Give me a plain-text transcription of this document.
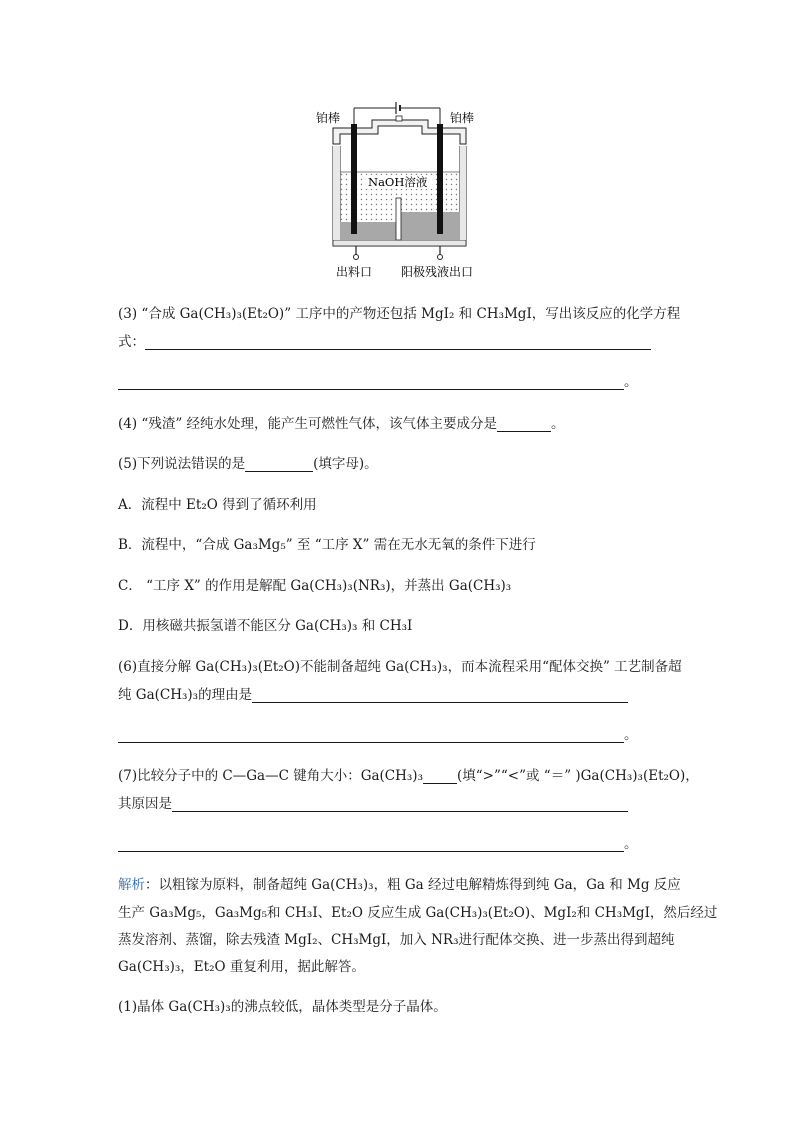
铂棒	铂棒
NaOH溶液
出料口 阳极残液出口
(3) “合成 Ga(CH₃)₃(Et₂O)” 工序中的产物还包括 MgI₂ 和 CH₃MgI，写出该反应的化学方程
式：
。
(4) “残渣” 经纯水处理，能产生可燃性气体，该气体主要成分是	。
(5)下列说法错误的是	(填字母)。
A．流程中 Et₂O 得到了循环利用
B．流程中，“合成 Ga₃Mg₅” 至 “工序 X” 需在无水无氧的条件下进行
C． “工序 X” 的作用是解配 Ga(CH₃)₃(NR₃)，并蒸出 Ga(CH₃)₃
D．用核磁共振氢谱不能区分 Ga(CH₃)₃ 和 CH₃I
(6)直接分解 Ga(CH₃)₃(Et₂O)不能制备超纯 Ga(CH₃)₃，而本流程采用“配体交换” 工艺制备超
纯 Ga(CH₃)₃的理由是
。
(7)比较分子中的 C—Ga—C 键角大小：Ga(CH₃)₃	(填“>”“<”或 “＝” )Ga(CH₃)₃(Et₂O)，
其原因是
。
解析：以粗镓为原料，制备超纯 Ga(CH₃)₃，粗 Ga 经过电解精炼得到纯 Ga，Ga 和 Mg 反应
生产 Ga₃Mg₅，Ga₃Mg₅和 CH₃I、Et₂O 反应生成 Ga(CH₃)₃(Et₂O)、MgI₂和 CH₃MgI，然后经过
蒸发溶剂、蒸馏，除去残渣 MgI₂、CH₃MgI，加入 NR₃进行配体交换、进一步蒸出得到超纯
Ga(CH₃)₃，Et₂O 重复利用，据此解答。
(1)晶体 Ga(CH₃)₃的沸点较低，晶体类型是分子晶体。
